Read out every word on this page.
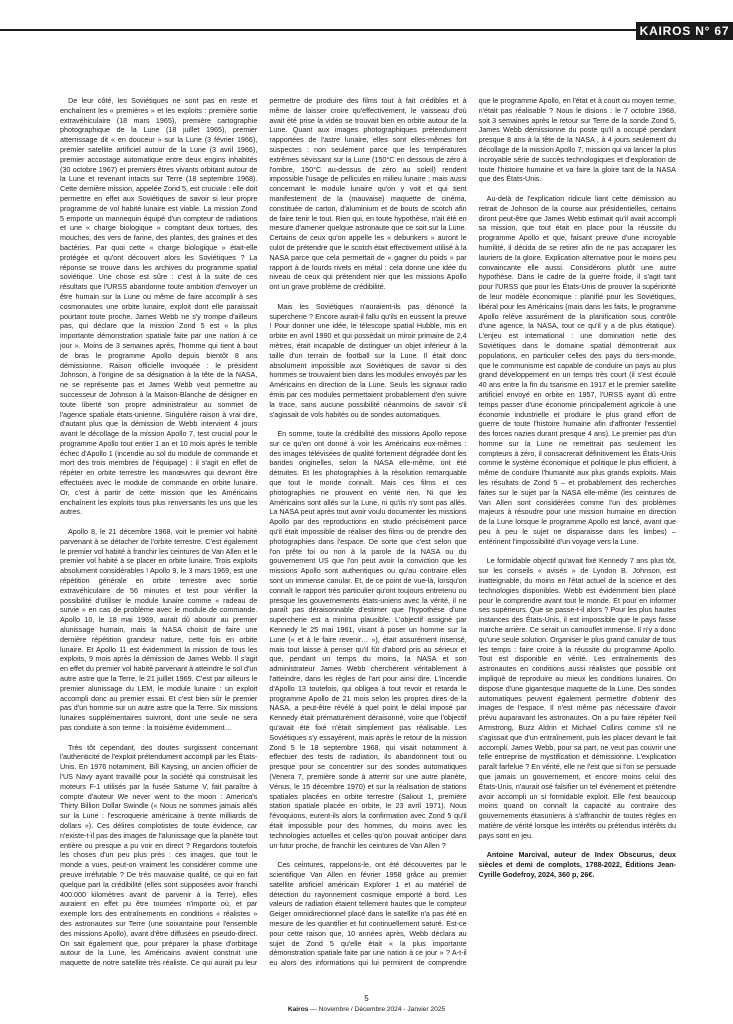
KAIROS N° 67

De leur côté, les Soviétiques ne sont pas en reste et enchaînent les « premières » et les exploits : première sortie extravéhiculaire (18 mars 1965), première cartographie photographique de la Lune (18 juillet 1965), premier atterrissage dit « en douceur » sur la Lune (3 février 1966), premier satellite artificiel autour de la Lune (3 avril 1966), premier accostage automatique entre deux engins inhabités (30 octobre 1967) et premiers êtres vivants orbitant autour de la Lune et revenant intacts sur Terre (18 septembre 1968). Cette dernière mission, appelée Zond 5, est cruciale : elle doit permettre en effet aux Soviétiques de savoir si leur propre programme de vol habité lunaire est viable. La mission Zond 5 emporte un mannequin équipé d'un compteur de radiations et une « charge biologique » comptant deux tortues, des mouches, des vers de farine, des plantes, des graines et des bactéries. Par quoi cette « charge biologique » était-elle protégée et qu'ont découvert alors les Soviétiques ? La réponse se trouve dans les archives du programme spatial soviétique. Une chose est sûre : c'est à la suite de ces résultats que l'URSS abandonne toute ambition d'envoyer un être humain sur la Lune ou même de faire accomplir à ses cosmonautes une orbite lunaire, exploit dont elle paraissait pourtant toute proche. James Webb ne s'y trompe d'ailleurs pas, qui déclare que la mission Zond 5 est « la plus importante démonstration spatiale faite par une nation à ce jour ». Moins de 3 semaines après, l'homme qui tient à bout de bras le programme Apollo depuis bientôt 8 ans démissionne. Raison officielle invoquée : le président Johnson, à l'origine de sa désignation à la tête de la NASA, ne se représente pas et James Webb veut permettre au successeur de Johnson à la Maison-Blanche de désigner en toute liberté son propre administrateur au sommet de l'agence spatiale états-unienne. Singulière raison à vrai dire, d'autant plus que la démission de Webb intervient 4 jours avant le décollage de la mission Apollo 7, test crucial pour le programme Apollo tout entier 1 an et 10 mois après le terrible échec d'Apollo 1 (incendie au sol du module de commande et mort des trois membres de l'équipage) : il s'agit en effet de répéter en orbite terrestre les manœuvres qui devront être effectuées avec le module de commande en orbite lunaire. Or, c'est à partir de cette mission que les Américains enchaînent les exploits tous plus renversants les uns que les autres.

Apollo 8, le 21 décembre 1968, voit le premier vol habité parvenant à se détacher de l'orbite terrestre. C'est également le premier vol habité à franchir les ceintures de Van Allen et le premier vol habité à se placer en orbite lunaire. Trois exploits absolument considérables ! Apollo 9, le 3 mars 1969, est une répétition générale en orbite terrestre avec sortie extravéhiculaire de 56 minutes et test pour vérifier la possibilité d'utiliser le module lunaire comme « radeau de survie » en cas de problème avec le module de commande. Apollo 10, le 18 mai 1969, aurait dû aboutir au premier alunissage humain, mais la NASA choisit de faire une dernière répétition grandeur nature, cette fois en orbite lunaire. Et Apollo 11 est évidemment la mission de tous les exploits, 9 mois après la démission de James Webb. Il s'agit en effet du premier vol habité parvenant à atteindre le sol d'un autre astre que la Terre, le 21 juillet 1969. C'est par ailleurs le premier alunissage du LEM, le module lunaire : un exploit accompli donc au premier essai. Et c'est bien sûr le premier pas d'un homme sur un autre astre que la Terre. Six missions lunaires supplémentaires suivront, dont une seule ne sera pas conduite à son terme : la troisième évidemment…

Très tôt cependant, des doutes surgissent concernant l'authenticité de l'exploit prétendument accompli par les États-Unis. En 1976 notamment, Bill Kaysing, un ancien officier de l'US Navy ayant travaillé pour la société qui construisait les moteurs F-1 utilisés par la fusée Saturne V, fait paraître à compte d'auteur We never went to the moon : America's Thirty Billion Dollar Swindle (« Nous ne sommes jamais allés sur la Lune : l'escroquerie américaine à trente milliards de dollars »). Ces délires complotistes de toute évidence, car n'existe-t-il pas des images de l'alunissage que la planète tout entière ou presque a pu voir en direct ? Regardons toutefois les choses d'un peu plus près : ces images, que tout le monde a vues, peut-on vraiment les considérer comme une preuve irréfutable ? De très mauvaise qualité, ce qui en fait quelque part la crédibilité (elles sont supposées avoir franchi 400.000 kilomètres avant de parvenir à la Terre), elles auraient en effet pu être tournées n'importe où, et par exemple lors des entraînements en conditions « réalistes » des astronautes sur Terre (une soixantaine pour l'ensemble des missions Apollo), avant d'être diffusées en pseudo-direct. On sait également que, pour préparer la phase d'orbitage autour de la Lune, les Américains avaient construit une maquette de notre satellite très réaliste. Ce qui aurait pu leur permettre de produire des films tout à fait crédibles et à même de laisser croire qu'effectivement, le vaisseau d'où avait été prise la vidéo se trouvait bien en orbite autour de la Lune. Quant aux images photographiques prétendument rapportées de l'astre lunaire, elles sont elles-mêmes fort suspectes : non seulement parce que les températures extrêmes sévissant sur la Lune (150°C en dessous de zéro à l'ombre, 150°C au-dessus de zéro au soleil) rendent impossible l'usage de pellicules en milieu lunaire ; mais aussi concernant le module lunaire qu'on y voit et qui tient manifestement de la (mauvaise) maquette de cinéma, constituée de carton, d'aluminium et de bouts de scotch afin de faire tenir le tout. Rien qui, en toute hypothèse, n'ait été en mesure d'amener quelque astronaute que ce soit sur la Lune. Certains de ceux qu'on appelle les « debunkers » auront le culot de prétendre que le scotch était effectivement utilisé à la NASA parce que cela permettait de « gagner du poids » par rapport à de lourds rivets en métal : cela donne une idée du niveau de ceux qui prétendent nier que les missions Apollo ont un grave problème de crédibilité.

Mais les Soviétiques n'auraient-ils pas dénoncé la supercherie ? Encore aurait-il fallu qu'ils en eussent la preuve ! Pour donner une idée, le télescope spatial Hubble, mis en orbite en avril 1990 et qui possédait un miroir primaire de 2,4 mètres, était incapable de distinguer un objet inférieur à la taille d'un terrain de football sur la Lune. Il était donc absolument impossible aux Soviétiques de savoir si des hommes se trouvaient bien dans les modules envoyés par les Américains en direction de la Lune. Seuls les signaux radio émis par ces modules permettaient probablement d'en suivre la trace, sans aucune possibilité néanmoins de savoir s'il s'agissait de vols habités ou de sondes automatiques.

En somme, toute la crédibilité des missions Apollo repose sur ce qu'en ont donné à voir les Américains eux-mêmes : des images télévisées de qualité fortement dégradée dont les bandes originelles, selon la NASA elle-même, ont été détruites. Et les photographies à la résolution remarquable que tout le monde connaît. Mais ces films et ces photographies ne prouvent en vérité rien. Ni que les Américains sont allés sur la Lune, ni qu'ils n'y sont pas allés. La NASA peut après tout avoir voulu documenter les missions Apollo par des reproductions en studio précisément parce qu'il était impossible de réaliser des films ou de prendre des photographies dans l'espace. De sorte que c'est selon que l'on prête foi ou non à la parole de la NASA ou du gouvernement US que l'on peut avoir la conviction que les missions Apollo sont authentiques ou qu'au contraire elles sont un immense canular. Et, de ce point de vue-là, lorsqu'on connaît le rapport très particulier qu'ont toujours entretenu ou presque les gouvernements états-uniens avec la vérité, il ne paraît pas déraisonnable d'estimer que l'hypothèse d'une supercherie est a minima plausible. L'objectif assigné par Kennedy le 25 mai 1961, visant à poser un homme sur la Lune (« et à le faire revenir… »), était assurément insensé, mais tout laisse à penser qu'il fût d'abord pris au sérieux et que, pendant un temps du moins, la NASA et son administrateur James Webb cherchèrent véritablement à l'atteindre, dans les règles de l'art pour ainsi dire. L'incendie d'Apollo 13 toutefois, qui obligea à tout revoir et retarda le programme Apollo de 21 mois selon les propres dires de la NASA, a peut-être révélé à quel point le délai imposé par Kennedy était prématurément déraisonné, voire que l'objectif qu'avait été fixé n'était simplement pas réalisable. Les Soviétiques s'y essayèrent, mais après le retour de la mission Zond 5 le 18 septembre 1968, qui visait notamment à effectuer des tests de radiation, ils abandonnent tout ou presque pour se concentrer sur des sondes automatiques (Venera 7, première sonde à atterrir sur une autre planète, Vénus, le 15 décembre 1970) et sur la réalisation de stations spatiales placées en orbite terrestre (Saliout 1, première station spatiale placée en orbite, le 23 avril 1971). Nous l'évoquions, eurent-ils alors la confirmation avec Zond 5 qu'il était impossible pour des hommes, du moins avec les technologies actuelles et celles qu'on pouvait anticiper dans un futur proche, de franchir les ceintures de Van Allen ?

Ces ceintures, rappelons-le, ont été découvertes par le scientifique Van Allen en février 1958 grâce au premier satellite artificiel américain Explorer 1 et au matériel de détection du rayonnement cosmique emporté à bord. Les valeurs de radiation étaient tellement hautes que le compteur Geiger omnidirectionnel placé dans le satellite n'a pas été en mesure de les quantifier et fut continuellement saturé. Est-ce pour cette raison que, 10 années après, Webb déclara au sujet de Zond 5 qu'elle était « la plus importante démonstration spatiale faite par une nation à ce jour » ? A-t-il eu alors des informations qui lui permirent de comprendre que le programme Apollo, en l'état et à court ou moyen terme, n'était pas réalisable ? Nous le disions : le 7 octobre 1968, soit 3 semaines après le retour sur Terre de la sonde Zond 5, James Webb démissionne du poste qu'il a occupé pendant presque 8 ans à la tête de la NASA , à 4 jours seulement du décollage de la mission Apollo 7, mission qui va lancer la plus incroyable série de succès technologiques et d'exploration de toute l'histoire humaine et va faire la gloire tant de la NASA que des États-Unis.

Au-delà de l'explication ridicule liant cette démission au retrait de Johnson de la course aux présidentielles, certains diront peut-être que James Webb estimait qu'il avait accompli sa mission, que tout était en place pour la réussite du programme Apollo et que, faisant preuve d'une incroyable humilité, il décida de se retirer afin de ne pas accaparer les lauriers de la gloire. Explication alternative pour le moins peu convaincante elle aussi. Considérons plutôt une autre hypothèse. Dans le cadre de la guerre froide, il s'agit tant pour l'URSS que pour les États-Unis de prouver la supériorité de leur modèle économique : planifié pour les Soviétiques, libéral pour les Américains (mais dans les faits, le programme Apollo relève assurément de la planification sous contrôle d'une agence, la NASA, tout ce qu'il y a de plus étatique). L'enjeu est international : une domination nette des Soviétiques dans le domaine spatial démontrerait aux populations, en particulier celles des pays du tiers-monde, que le communisme est capable de conduire un pays au plus grand développement en un temps très court (il s'est écoulé 40 ans entre la fin du tsarisme en 1917 et le premier satellite artificiel envoyé en orbite en 1957, l'URSS ayant dû entre temps passer d'une économie principalement agricole à une économie industrielle et produire le plus grand effort de guerre de toute l'histoire humaine afin d'affronter l'essentiel des forces nazies durant presque 4 ans). Le premier pas d'un homme sur la Lune ne remettrait pas seulement les compteurs à zéro, il consacrerait définitivement les États-Unis comme le système économique et politique le plus efficient, à même de conduire l'humanité aux plus grands exploits. Mais les résultats de Zond 5 – et probablement des recherches faites sur le sujet par la NASA elle-même (les ceintures de Van Allen sont considérées comme l'un des problèmes majeurs à résoudre pour une mission humaine en direction de la Lune lorsque le programme Apollo est lancé, avant que peu à peu le sujet ne disparaisse dans les limbes) – entérinent l'impossibilité d'un voyage vers la Lune.

Le formidable objectif qu'avait fixé Kennedy 7 ans plus tôt, sur les conseils « avisés » de Lyndon B. Johnson, est inatteignable, du moins en l'état actuel de la science et des technologies disponibles. Webb est évidemment bien placé pour le comprendre avant tout le monde. Et pour en informer ses supérieurs. Que se passe-t-il alors ? Pour les plus hautes instances des États-Unis, il est impossible que le pays fasse marche arrière. Ce serait un camouflet immense. Il n'y a donc qu'une seule solution. Organiser le plus grand canular de tous les temps : faire croire à la réussite du programme Apollo. Tout est disponible en vérité. Les entraînements des astronautes en conditions aussi réalistes que possible ont impliqué de reproduire au mieux les conditions lunaires. On dispose d'une gigantesque maquette de la Lune. Des sondes automatiques peuvent également permettre d'obtenir des images de l'espace. Il n'est même pas nécessaire d'avoir prévu auparavant les astronautes. On a pu faire répéter Neil Armstrong, Buzz Aldrin et Michael Collins comme s'il ne s'agissait que d'un entraînement, puis les placer devant le fait accompli. James Webb, pour sa part, ne veut pas couvrir une telle entreprise de mystification et démissionne. L'explication paraît farfelue ? En vérité, elle ne l'est que si l'on se persuade que jamais un gouvernement, et encore moins celui des États-Unis, n'aurait osé falsifier un tel événement et prétendre avoir accompli un si formidable exploit. Elle l'est beaucoup moins quand on connaît la capacité au contraire des gouvernements étasuniens à s'affranchir de toutes règles en matière de vérité lorsque les intérêts ou prétendus intérêts du pays sont en jeu.

Antoine Marcival, auteur de Index Obscurus, deux siècles et demi de complots, 1788-2022, Éditions Jean-Cyrille Godefroy, 2024, 360 p, 26€.

5
Kairos — Novembre / Décembre 2024 - Janvier 2025
